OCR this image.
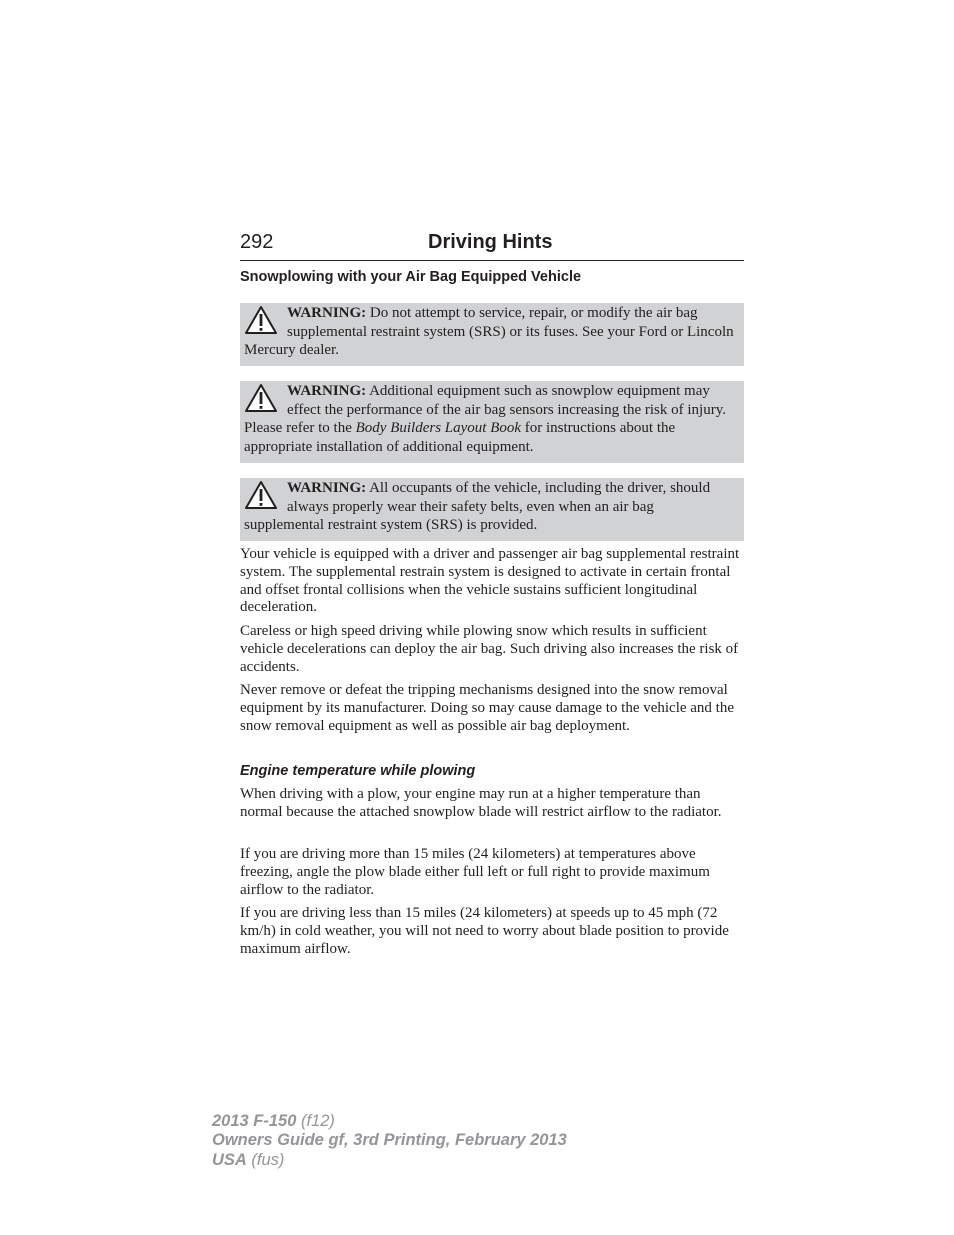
292	Driving Hints
Snowplowing with your Air Bag Equipped Vehicle
WARNING: Do not attempt to service, repair, or modify the air bag supplemental restraint system (SRS) or its fuses. See your Ford or Lincoln Mercury dealer.
WARNING: Additional equipment such as snowplow equipment may effect the performance of the air bag sensors increasing the risk of injury. Please refer to the Body Builders Layout Book for instructions about the appropriate installation of additional equipment.
WARNING: All occupants of the vehicle, including the driver, should always properly wear their safety belts, even when an air bag supplemental restraint system (SRS) is provided.

Your vehicle is equipped with a driver and passenger air bag supplemental restraint system. The supplemental restrain system is designed to activate in certain frontal and offset frontal collisions when the vehicle sustains sufficient longitudinal deceleration.

Careless or high speed driving while plowing snow which results in sufficient vehicle decelerations can deploy the air bag. Such driving also increases the risk of accidents.

Never remove or defeat the tripping mechanisms designed into the snow removal equipment by its manufacturer. Doing so may cause damage to the vehicle and the snow removal equipment as well as possible air bag deployment.

Engine temperature while plowing

When driving with a plow, your engine may run at a higher temperature than normal because the attached snowplow blade will restrict airflow to the radiator.

If you are driving more than 15 miles (24 kilometers) at temperatures above freezing, angle the plow blade either full left or full right to provide maximum airflow to the radiator.

If you are driving less than 15 miles (24 kilometers) at speeds up to 45 mph (72 km/h) in cold weather, you will not need to worry about blade position to provide maximum airflow.

2013 F-150 (f12)
Owners Guide gf, 3rd Printing, February 2013
USA (fus)
